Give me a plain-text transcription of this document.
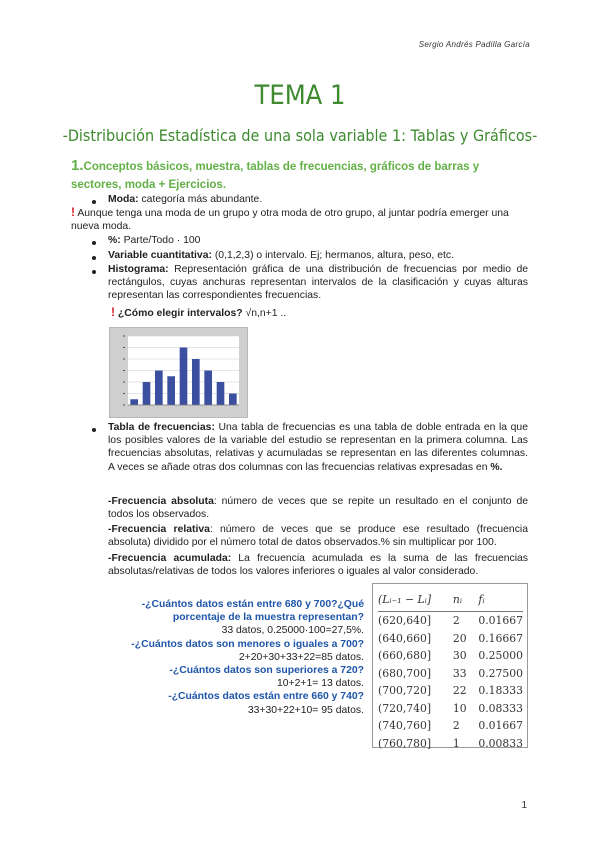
Sergio Andrés Padilla García
TEMA 1
-Distribución Estadística de una sola variable 1: Tablas y Gráficos-
1.Conceptos básicos, muestra, tablas de frecuencias, gráficos de barras y sectores, moda + Ejercicios.
Moda: categoría más abundante.
! Aunque tenga una moda de un grupo y otra moda de otro grupo, al juntar podría emerger una nueva moda.
%: Parte/Todo · 100
Variable cuantitativa: (0,1,2,3) o intervalo. Ej; hermanos, altura, peso, etc.
Histograma: Representación gráfica de una distribución de frecuencias por medio de rectángulos, cuyas anchuras representan intervalos de la clasificación y cuyas alturas representan las correspondientes frecuencias.
! ¿Cómo elegir intervalos? √n,n+1 ..
Tabla de frecuencias: Una tabla de frecuencias es una tabla de doble entrada en la que los posibles valores de la variable del estudio se representan en la primera columna. Las frecuencias absolutas, relativas y acumuladas se representan en las diferentes columnas. A veces se añade otras dos columnas con las frecuencias relativas expresadas en %.
-Frecuencia absoluta: número de veces que se repite un resultado en el conjunto de todos los observados.
-Frecuencia relativa: número de veces que se produce ese resultado (frecuencia absoluta) dividido por el número total de datos observados.% sin multiplicar por 100.
-Frecuencia acumulada: La frecuencia acumulada es la suma de las frecuencias absolutas/relativas de todos los valores inferiores o iguales al valor considerado.
-¿Cuántos datos están entre 680 y 700?¿Qué porcentaje de la muestra representan?
33 datos, 0.25000·100=27,5%.
-¿Cuántos datos son menores o iguales a 700?
2+20+30+33+22=85 datos.
-¿Cuántos datos son superiores a 720?
10+2+1= 13 datos.
-¿Cuántos datos están entre 660 y 740?
33+30+22+10= 95 datos.
(Lᵢ₋₁ − Lᵢ]	nᵢ	fᵢ
(620,640]	2	0.01667
(640,660]	20	0.16667
(660,680]	30	0.25000
(680,700]	33	0.27500
(700,720]	22	0.18333
(720,740]	10	0.08333
(740,760]	2	0.01667
(760,780]	1	0.00833
1
